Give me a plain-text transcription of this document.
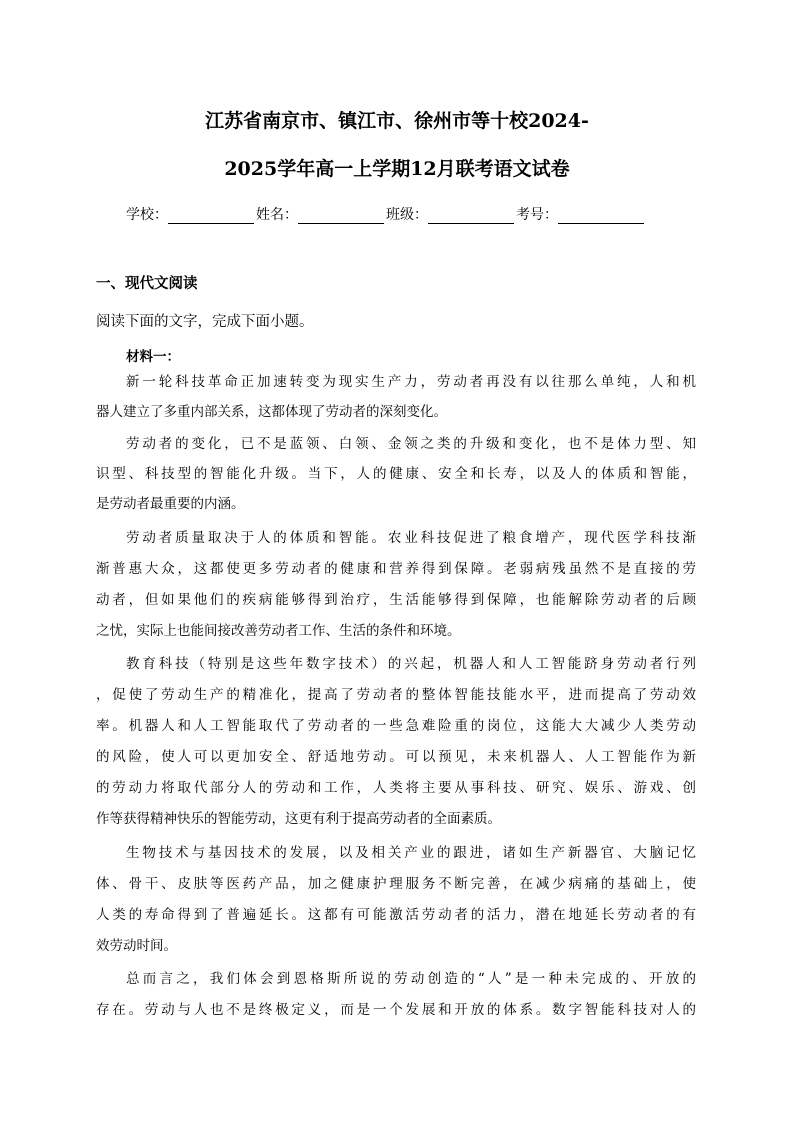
江苏省南京市、镇江市、徐州市等十校2024-
2025学年高一上学期12月联考语文试卷
学校：	姓名：	班级：	考号：
一、现代文阅读
阅读下面的文字，完成下面小题。
材料一：
新一轮科技革命正加速转变为现实生产力，劳动者再没有以往那么单纯，人和机
器人建立了多重内部关系，这都体现了劳动者的深刻变化。
劳动者的变化，已不是蓝领、白领、金领之类的升级和变化，也不是体力型、知
识型、科技型的智能化升级。当下，人的健康、安全和长寿，以及人的体质和智能，
是劳动者最重要的内涵。
劳动者质量取决于人的体质和智能。农业科技促进了粮食增产，现代医学科技渐
渐普惠大众，这都使更多劳动者的健康和营养得到保障。老弱病残虽然不是直接的劳
动者，但如果他们的疾病能够得到治疗，生活能够得到保障，也能解除劳动者的后顾
之忧，实际上也能间接改善劳动者工作、生活的条件和环境。
教育科技（特别是这些年数字技术）的兴起，机器人和人工智能跻身劳动者行列
，促使了劳动生产的精准化，提高了劳动者的整体智能技能水平，进而提高了劳动效
率。机器人和人工智能取代了劳动者的一些急难险重的岗位，这能大大减少人类劳动
的风险，使人可以更加安全、舒适地劳动。可以预见，未来机器人、人工智能作为新
的劳动力将取代部分人的劳动和工作，人类将主要从事科技、研究、娱乐、游戏、创
作等获得精神快乐的智能劳动，这更有利于提高劳动者的全面素质。
生物技术与基因技术的发展，以及相关产业的跟进，诸如生产新器官、大脑记忆
体、骨干、皮肤等医药产品，加之健康护理服务不断完善，在减少病痛的基础上，使
人类的寿命得到了普遍延长。这都有可能激活劳动者的活力，潜在地延长劳动者的有
效劳动时间。
总而言之，我们体会到恩格斯所说的劳动创造的“人”是一种未完成的、开放的
存在。劳动与人也不是终极定义，而是一个发展和开放的体系。数字智能科技对人的
